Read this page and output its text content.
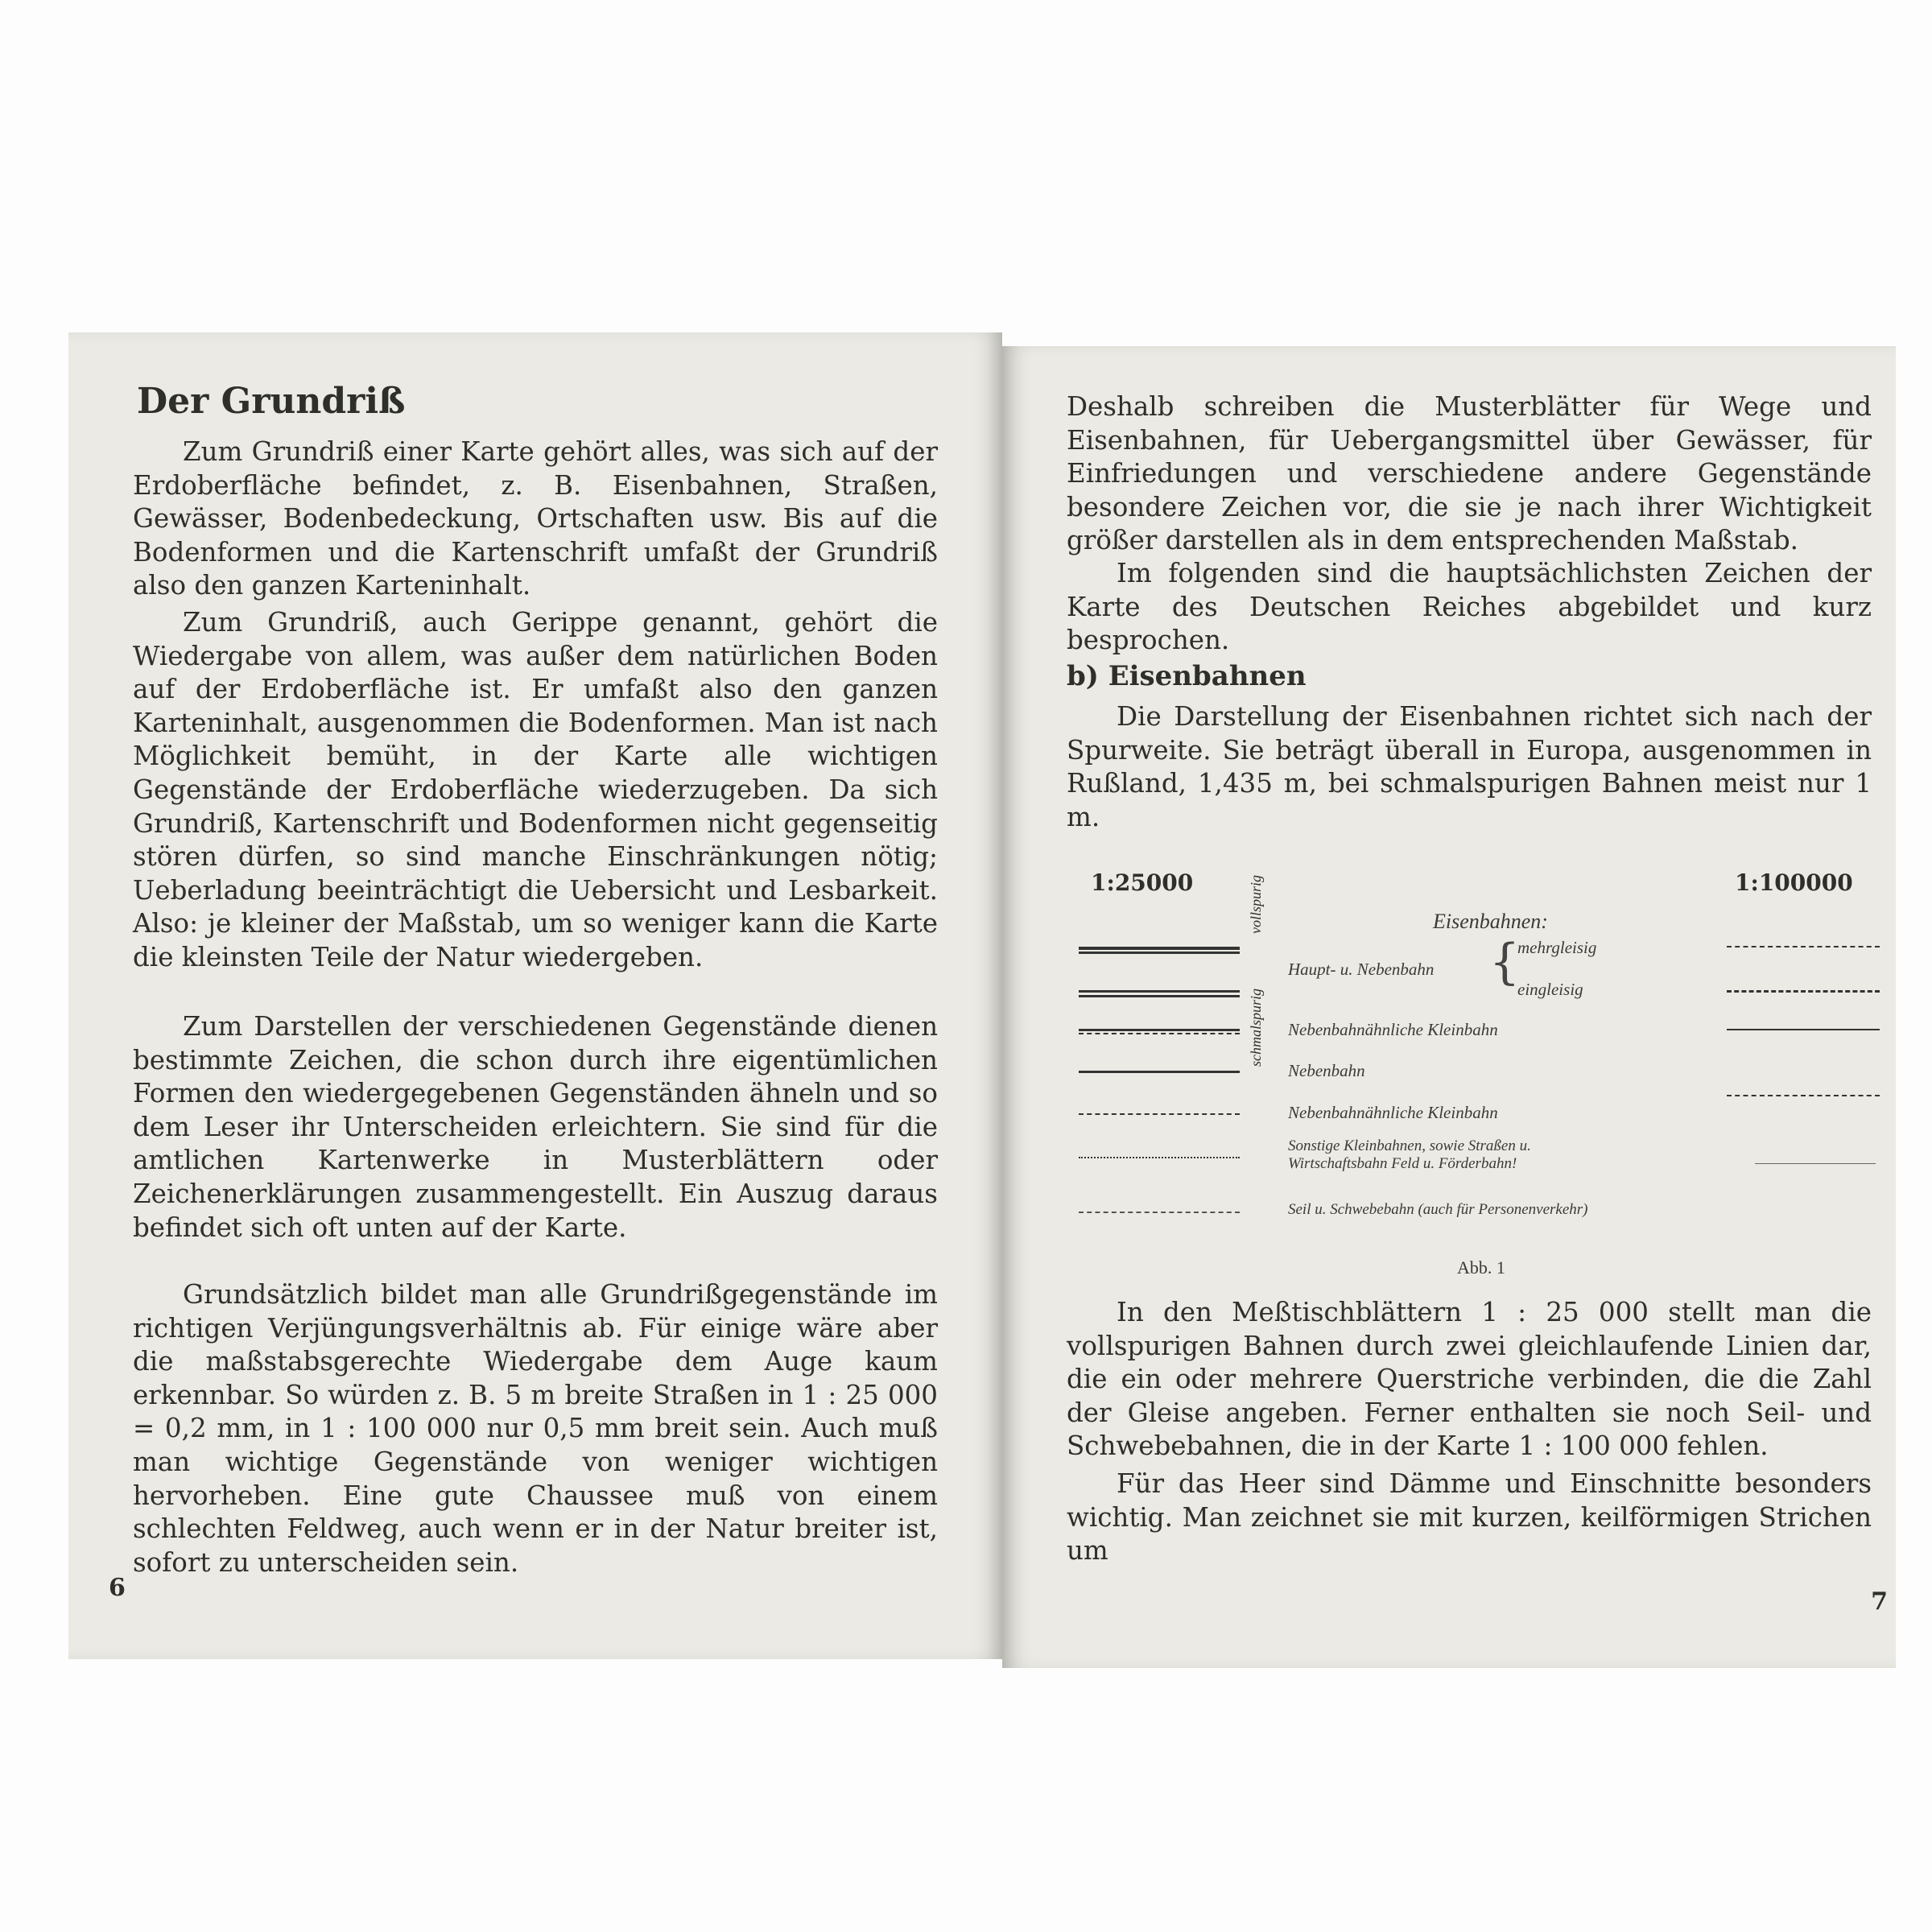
Der Grundriß

Zum Grundriß einer Karte gehört alles, was sich auf der Erdoberfläche befindet, z. B. Eisenbahnen, Straßen, Gewässer, Bodenbedeckung, Ortschaften usw. Bis auf die Bodenformen und die Kartenschrift umfaßt der Grundriß also den ganzen Karteninhalt.

Zum Grundriß, auch Gerippe genannt, gehört die Wiedergabe von allem, was außer dem natürlichen Boden auf der Erdoberfläche ist. Er umfaßt also den ganzen Karteninhalt, ausgenommen die Bodenformen. Man ist nach Möglichkeit bemüht, in der Karte alle wichtigen Gegenstände der Erdoberfläche wiederzugeben. Da sich Grundriß, Kartenschrift und Bodenformen nicht gegenseitig stören dürfen, so sind manche Einschränkungen nötig; Ueberladung beeinträchtigt die Uebersicht und Lesbarkeit. Also: je kleiner der Maßstab, um so weniger kann die Karte die kleinsten Teile der Natur wiedergeben.

Zum Darstellen der verschiedenen Gegenstände dienen bestimmte Zeichen, die schon durch ihre eigentümlichen Formen den wiedergegebenen Gegenständen ähneln und so dem Leser ihr Unterscheiden erleichtern. Sie sind für die amtlichen Kartenwerke in Musterblättern oder Zeichenerklärungen zusammengestellt. Ein Auszug daraus befindet sich oft unten auf der Karte.

Grundsätzlich bildet man alle Grundrißgegenstände im richtigen Verjüngungsverhältnis ab. Für einige wäre aber die maßstabsgerechte Wiedergabe dem Auge kaum erkennbar. So würden z. B. 5 m breite Straßen in 1 : 25 000 = 0,2 mm, in 1 : 100 000 nur 0,5 mm breit sein. Auch muß man wichtige Gegenstände von weniger wichtigen hervorheben. Eine gute Chaussee muß von einem schlechten Feldweg, auch wenn er in der Natur breiter ist, sofort zu unterscheiden sein.

6

Deshalb schreiben die Musterblätter für Wege und Eisenbahnen, für Uebergangsmittel über Gewässer, für Einfriedungen und verschiedene andere Gegenstände besondere Zeichen vor, die sie je nach ihrer Wichtigkeit größer darstellen als in dem entsprechenden Maßstab.

Im folgenden sind die hauptsächlichsten Zeichen der Karte des Deutschen Reiches abgebildet und kurz besprochen.

b) Eisenbahnen

Die Darstellung der Eisenbahnen richtet sich nach der Spurweite. Sie beträgt überall in Europa, ausgenommen in Rußland, 1,435 m, bei schmalspurigen Bahnen meist nur 1 m.

1:25000	1:100000
Eisenbahnen:
schmalspurig
vollspurig
Haupt- u. Nebenbahn {
mehrgleisig
eingleisig
Nebenbahnähnliche Kleinbahn
Nebenbahn
Nebenbahnähnliche Kleinbahn
Sonstige Kleinbahnen, sowie Straßen u.
Wirtschaftsbahn Feld u. Förderbahn!
Seil u. Schwebebahn (auch für Personenverkehr)
Abb. 1

In den Meßtischblättern 1 : 25 000 stellt man die vollspurigen Bahnen durch zwei gleichlaufende Linien dar, die ein oder mehrere Querstriche verbinden, die die Zahl der Gleise angeben. Ferner enthalten sie noch Seil- und Schwebebahnen, die in der Karte 1 : 100 000 fehlen.

Für das Heer sind Dämme und Einschnitte besonders wichtig. Man zeichnet sie mit kurzen, keilförmigen Strichen um

7
